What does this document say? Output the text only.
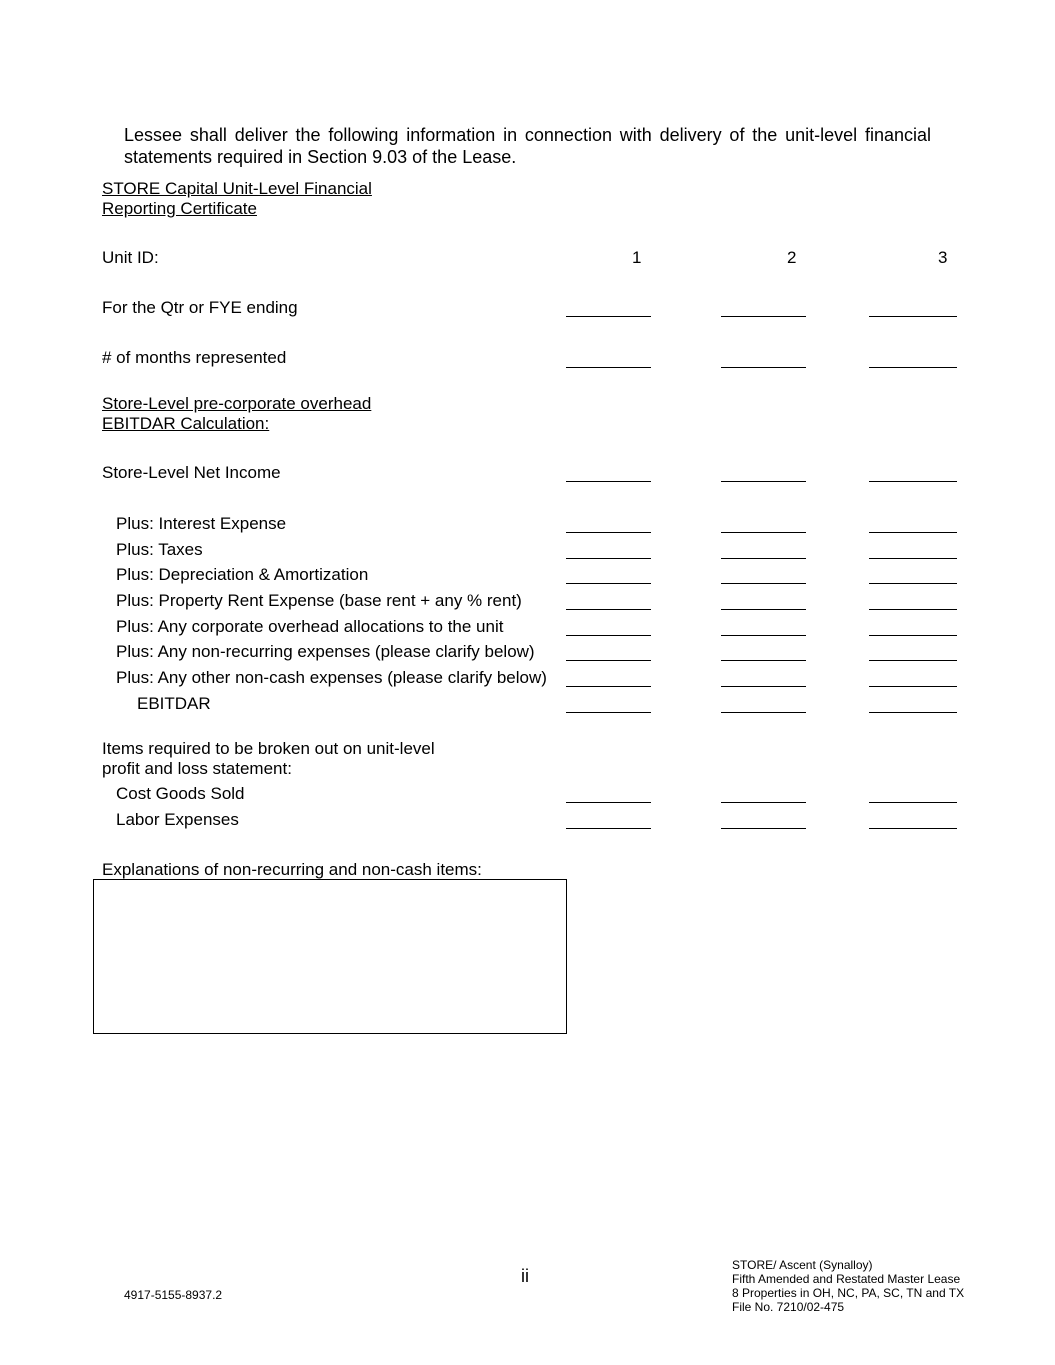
Lessee shall deliver the following information in connection with delivery of the unit-level financial statements required in Section 9.03 of the Lease.
STORE Capital Unit-Level Financial
Reporting Certificate
Unit ID:	1	2	3
For the Qtr or FYE ending
# of months represented
Store-Level pre-corporate overhead
EBITDAR Calculation:
Store-Level Net Income
Plus: Interest Expense
Plus: Taxes
Plus: Depreciation & Amortization
Plus: Property Rent Expense (base rent + any % rent)
Plus: Any corporate overhead allocations to the unit
Plus: Any non-recurring expenses (please clarify below)
Plus: Any other non-cash expenses (please clarify below)
EBITDAR
Items required to be broken out on unit-level
profit and loss statement:
Cost Goods Sold
Labor Expenses
Explanations of non-recurring and non-cash items:
ii
4917-5155-8937.2
STORE/ Ascent (Synalloy)
Fifth Amended and Restated Master Lease
8 Properties in OH, NC, PA, SC, TN and TX
File No. 7210/02-475
